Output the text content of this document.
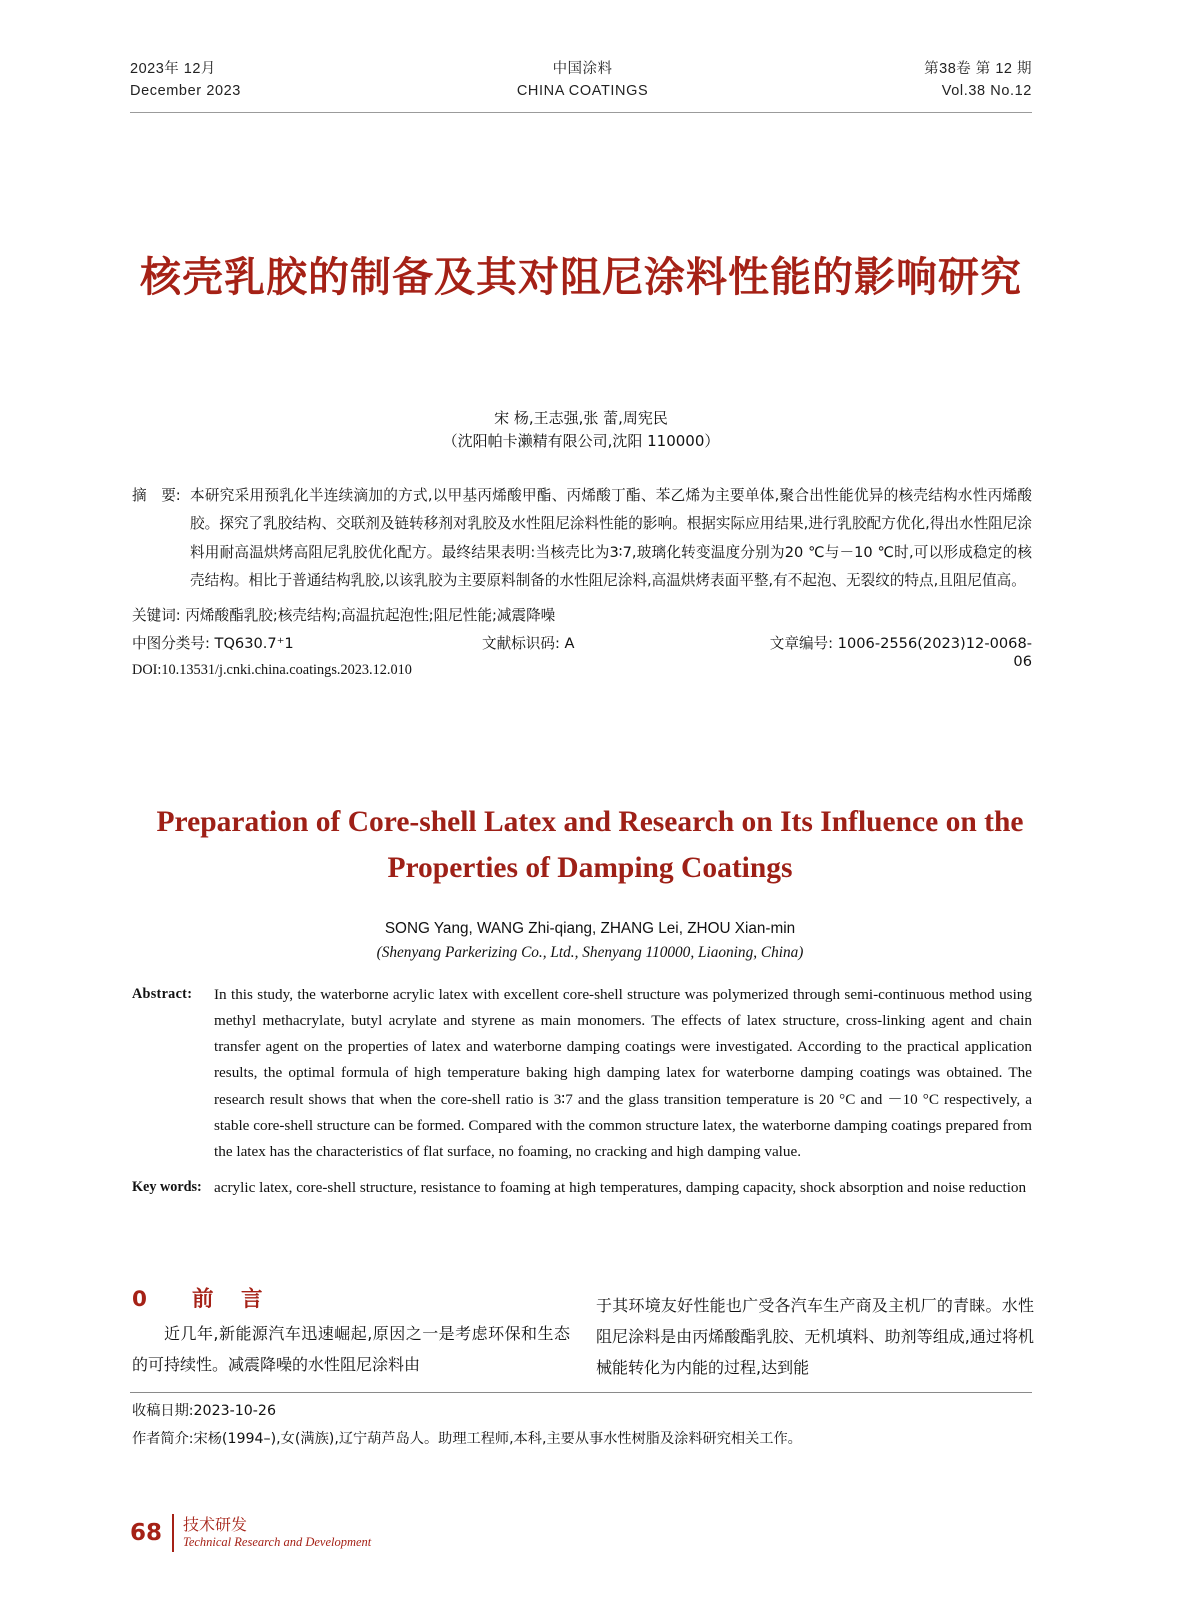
2023年 12月
December 2023
中国涂料
CHINA COATINGS
第38卷 第 12 期
Vol.38 No.12
核壳乳胶的制备及其对阻尼涂料性能的影响研究
宋 杨,王志强,张 蕾,周宪民
（沈阳帕卡濑精有限公司,沈阳 110000）
摘　要: 本研究采用预乳化半连续滴加的方式,以甲基丙烯酸甲酯、丙烯酸丁酯、苯乙烯为主要单体,聚合出性能优异的核壳结构水性丙烯酸胶。探究了乳胶结构、交联剂及链转移剂对乳胶及水性阻尼涂料性能的影响。根据实际应用结果,进行乳胶配方优化,得出水性阻尼涂料用耐高温烘烤高阻尼乳胶优化配方。最终结果表明:当核壳比为3∶7,玻璃化转变温度分别为20 ℃与－10 ℃时,可以形成稳定的核壳结构。相比于普通结构乳胶,以该乳胶为主要原料制备的水性阻尼涂料,高温烘烤表面平整,有不起泡、无裂纹的特点,且阻尼值高。
关键词: 丙烯酸酯乳胶;核壳结构;高温抗起泡性;阻尼性能;减震降噪
中图分类号: TQ630.7⁺1	文献标识码: A	文章编号: 1006-2556(2023)12-0068-06
DOI:10.13531/j.cnki.china.coatings.2023.12.010
Preparation of Core-shell Latex and Research on Its Influence on the Properties of Damping Coatings
SONG Yang, WANG Zhi-qiang, ZHANG Lei, ZHOU Xian-min
(Shenyang Parkerizing Co., Ltd., Shenyang 110000, Liaoning, China)
Abstract:	In this study, the waterborne acrylic latex with excellent core-shell structure was polymerized through semi-continuous method using methyl methacrylate, butyl acrylate and styrene as main monomers. The effects of latex structure, cross-linking agent and chain transfer agent on the properties of latex and waterborne damping coatings were investigated. According to the practical application results, the optimal formula of high temperature baking high damping latex for waterborne damping coatings was obtained. The research result shows that when the core-shell ratio is 3∶7 and the glass transition temperature is 20 °C and －10 °C respectively, a stable core-shell structure can be formed. Compared with the common structure latex, the waterborne damping coatings prepared from the latex has the characteristics of flat surface, no foaming, no cracking and high damping value.
Key words: acrylic latex, core-shell structure, resistance to foaming at high temperatures, damping capacity, shock absorption and noise reduction
0 前　言
近几年,新能源汽车迅速崛起,原因之一是考虑环保和生态的可持续性。减震降噪的水性阻尼涂料由
于其环境友好性能也广受各汽车生产商及主机厂的青睐。水性阻尼涂料是由丙烯酸酯乳胶、无机填料、助剂等组成,通过将机械能转化为内能的过程,达到能
收稿日期:2023-10-26
作者简介:宋杨(1994–),女(满族),辽宁葫芦岛人。助理工程师,本科,主要从事水性树脂及涂料研究相关工作。
68 技术研发
Technical Research and Development
